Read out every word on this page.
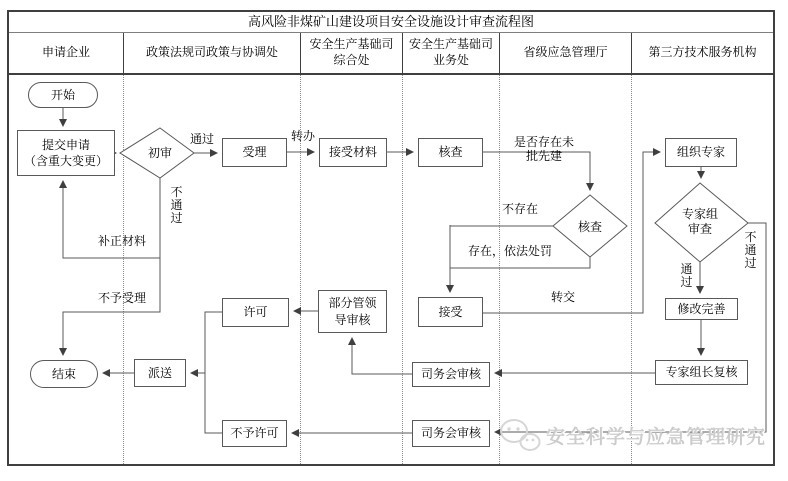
高风险非煤矿山建设项目安全设施设计审查流程图
申请企业	政策法规司政策与协调处
安全生产基础司
综合处
安全生产基础司
业务处
省级应急管理厅	第三方技术服务机构
开始
提交申请
（含重大变更）
初审	受理	接受材料	核查
核查
接受
组织专家
专家组
审查
修改完善
专家组长复核
司务会审核
司务会审核
部分管领
导审核
许可
不予许可
派送
结束
通过
不通过
补正材料
不予受理
转办	是否存在未
批先建
不存在
存在，依法处罚
转交
通过
不通过
安全科学与应急管理研究
